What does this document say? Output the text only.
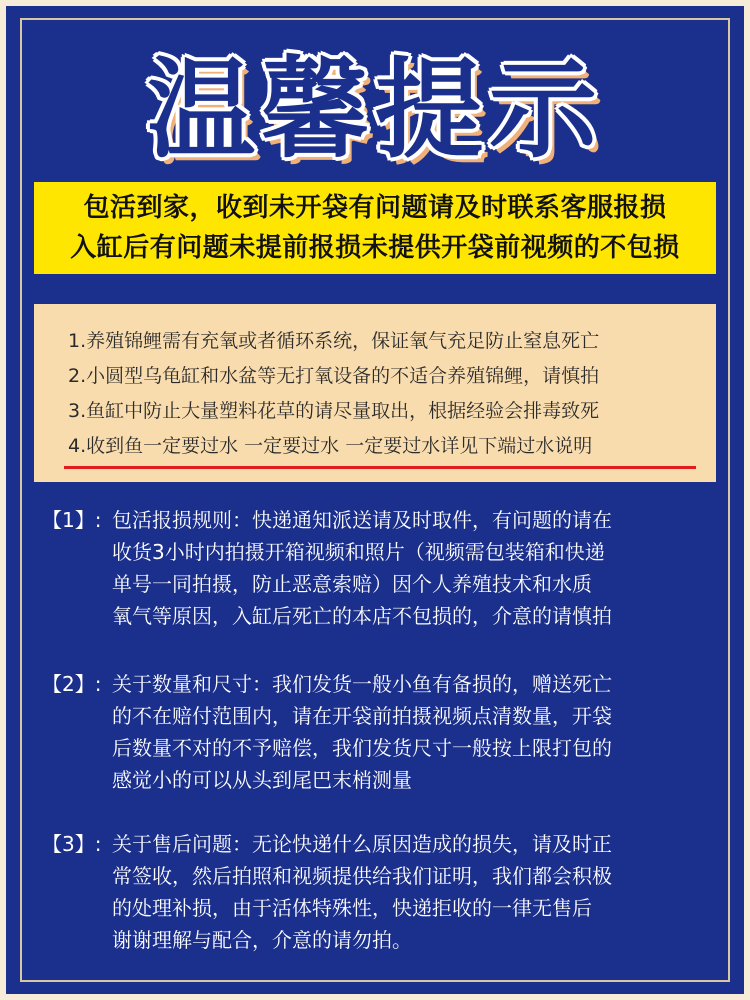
温馨提示
包活到家，收到未开袋有问题请及时联系客服报损
入缸后有问题未提前报损未提供开袋前视频的不包损
1.养殖锦鲤需有充氧或者循环系统，保证氧气充足防止窒息死亡
2.小圆型乌龟缸和水盆等无打氧设备的不适合养殖锦鲤，请慎拍
3.鱼缸中防止大量塑料花草的请尽量取出，根据经验会排毒致死
4.收到鱼一定要过水 一定要过水 一定要过水详见下端过水说明
【1】: 包活报损规则：快递通知派送请及时取件，有问题的请在
收货3小时内拍摄开箱视频和照片（视频需包装箱和快递
单号一同拍摄，防止恶意索赔）因个人养殖技术和水质
氧气等原因，入缸后死亡的本店不包损的，介意的请慎拍
【2】: 关于数量和尺寸：我们发货一般小鱼有备损的，赠送死亡
的不在赔付范围内，请在开袋前拍摄视频点清数量，开袋
后数量不对的不予赔偿，我们发货尺寸一般按上限打包的
感觉小的可以从头到尾巴末梢测量
【3】: 关于售后问题：无论快递什么原因造成的损失，请及时正
常签收，然后拍照和视频提供给我们证明，我们都会积极
的处理补损，由于活体特殊性，快递拒收的一律无售后
谢谢理解与配合，介意的请勿拍。
